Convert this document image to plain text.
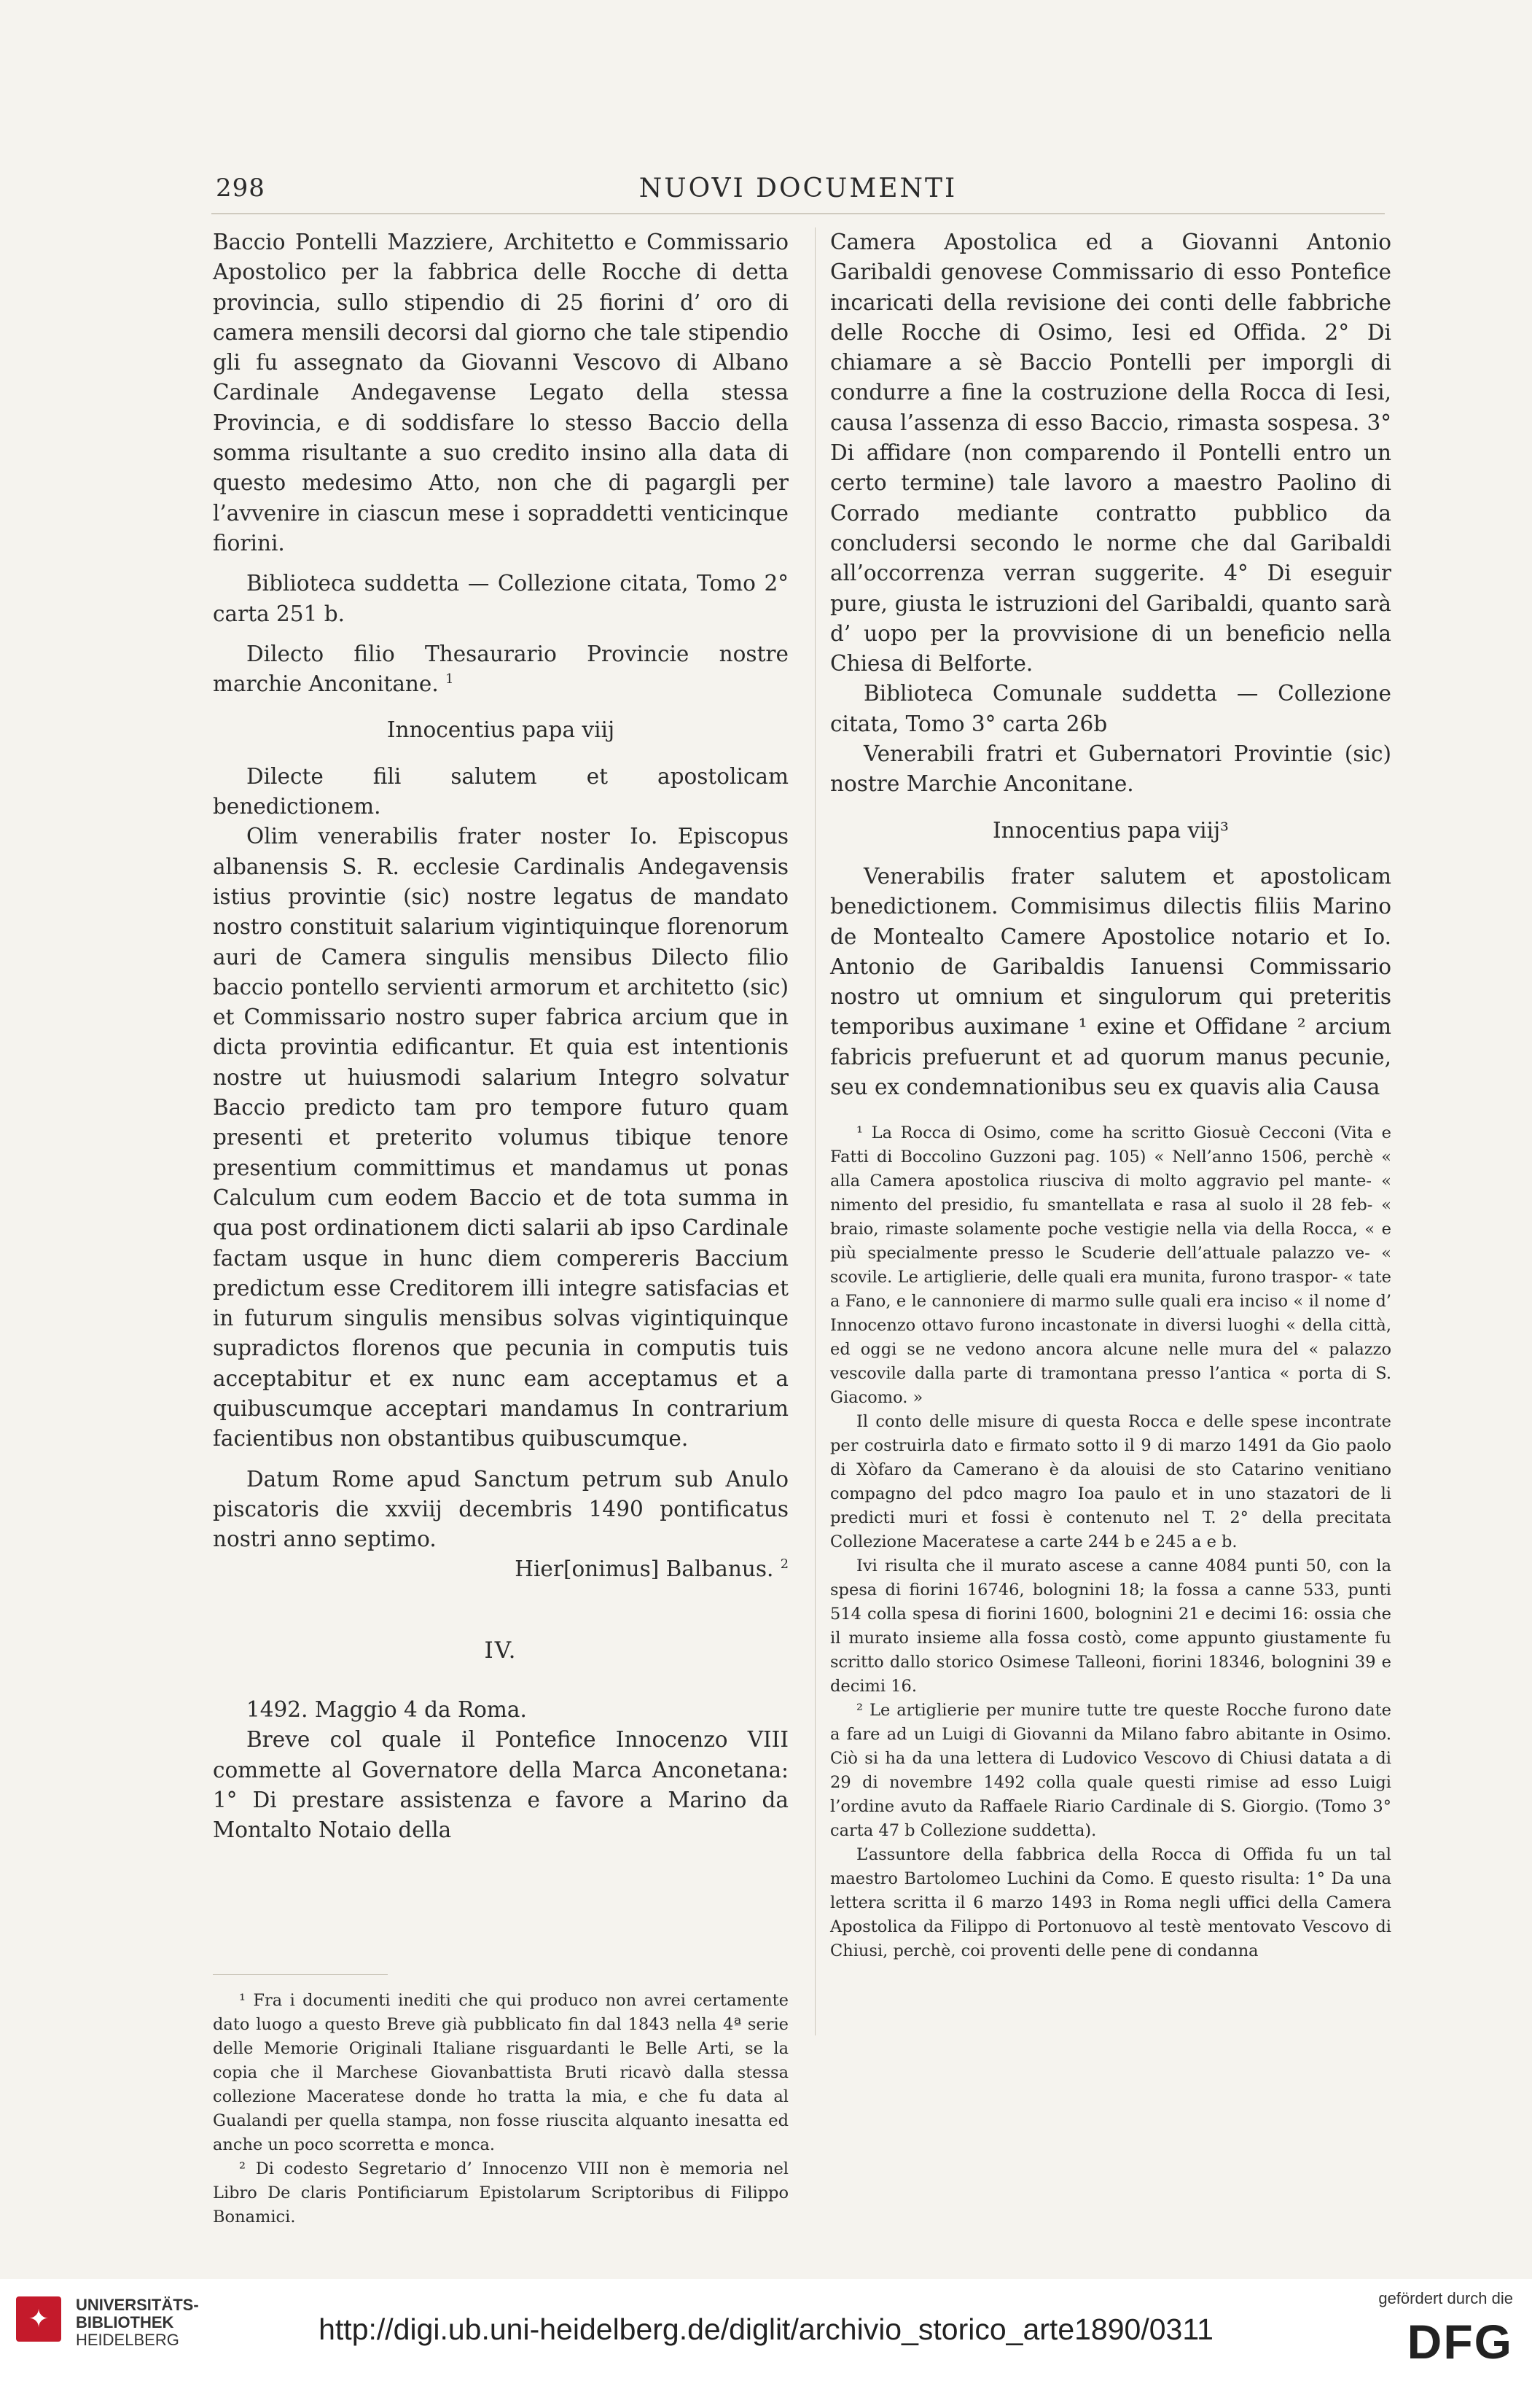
298	NUOVI DOCUMENTI

Baccio Pontelli Mazziere, Architetto e Commissario Apostolico per la fabbrica delle Rocche di detta provincia, sullo stipendio di 25 fiorini d’ oro di camera mensili decorsi dal giorno che tale stipendio gli fu assegnato da Giovanni Vescovo di Albano Cardinale Andegavense Legato della stessa Provincia, e di soddisfare lo stesso Baccio della somma risultante a suo credito insino alla data di questo medesimo Atto, non che di pagargli per l’avvenire in ciascun mese i sopraddetti venticinque fiorini.

Biblioteca suddetta — Collezione citata, Tomo 2° carta 251 b.

Dilecto filio Thesaurario Provincie nostre marchie Anconitane. $^1$

Innocentius papa viij

Dilecte fili salutem et apostolicam benedictionem.

Olim venerabilis frater noster Io. Episcopus albanensis S. R. ecclesie Cardinalis Andegavensis istius provintie (sic) nostre legatus de mandato nostro constituit salarium vigintiquinque florenorum auri de Camera singulis mensibus Dilecto filio baccio pontello servienti armorum et architetto (sic) et Commissario nostro super fabrica arcium que in dicta provintia edificantur. Et quia est intentionis nostre ut huiusmodi salarium Integro solvatur Baccio predicto tam pro tempore futuro quam presenti et preterito volumus tibique tenore presentium committimus et mandamus ut ponas Calculum cum eodem Baccio et de tota summa in qua post ordinationem dicti salarii ab ipso Cardinale factam usque in hunc diem compereris Baccium predictum esse Creditorem illi integre satisfacias et in futurum singulis mensibus solvas vigintiquinque supradictos florenos que pecunia in computis tuis acceptabitur et ex nunc eam acceptamus et a quibuscumque acceptari mandamus In contrarium facientibus non obstantibus quibuscumque.

Datum Rome apud Sanctum petrum sub Anulo piscatoris die xxviij decembris 1490 pontificatus nostri anno septimo.

Hier[onimus] Balbanus. $^2$

IV.

1492. Maggio 4 da Roma.

Breve col quale il Pontefice Innocenzo VIII commette al Governatore della Marca Anconetana: 1° Di prestare assistenza e favore a Marino da Montalto Notaio della

¹ Fra i documenti inediti che qui produco non avrei certamente dato luogo a questo Breve già pubblicato fin dal 1843 nella 4ª serie delle Memorie Originali Italiane risguardanti le Belle Arti, se la copia che il Marchese Giovanbattista Bruti ricavò dalla stessa collezione Maceratese donde ho tratta la mia, e che fu data al Gualandi per quella stampa, non fosse riuscita alquanto inesatta ed anche un poco scorretta e monca.

² Di codesto Segretario d’ Innocenzo VIII non è memoria nel Libro De claris Pontificiarum Epistolarum Scriptoribus di Filippo Bonamici.

Camera Apostolica ed a Giovanni Antonio Garibaldi genovese Commissario di esso Pontefice incaricati della revisione dei conti delle fabbriche delle Rocche di Osimo, Iesi ed Offida. 2° Di chiamare a sè Baccio Pontelli per imporgli di condurre a fine la costruzione della Rocca di Iesi, causa l’assenza di esso Baccio, rimasta sospesa. 3° Di affidare (non comparendo il Pontelli entro un certo termine) tale lavoro a maestro Paolino di Corrado mediante contratto pubblico da concludersi secondo le norme che dal Garibaldi all’occorrenza verran suggerite. 4° Di eseguir pure, giusta le istruzioni del Garibaldi, quanto sarà d’ uopo per la provvisione di un beneficio nella Chiesa di Belforte.

Biblioteca Comunale suddetta — Collezione citata, Tomo 3° carta 26b

Venerabili fratri et Gubernatori Provintie (sic) nostre Marchie Anconitane.

Innocentius papa viij³

Venerabilis frater salutem et apostolicam benedictionem. Commisimus dilectis filiis Marino de Montealto Camere Apostolice notario et Io. Antonio de Garibaldis Ianuensi Commissario nostro ut omnium et singulorum qui preteritis temporibus auximane ¹ exine et Offidane ² arcium fabricis prefuerunt et ad quorum manus pecunie, seu ex condemnationibus seu ex quavis alia Causa

¹ La Rocca di Osimo, come ha scritto Giosuè Cecconi (Vita e Fatti di Boccolino Guzzoni pag. 105) « Nell’anno 1506, perchè « alla Camera apostolica riusciva di molto aggravio pel mante- « nimento del presidio, fu smantellata e rasa al suolo il 28 feb- « braio, rimaste solamente poche vestigie nella via della Rocca, « e più specialmente presso le Scuderie dell’attuale palazzo ve- « scovile. Le artiglierie, delle quali era munita, furono traspor- « tate a Fano, e le cannoniere di marmo sulle quali era inciso « il nome d’ Innocenzo ottavo furono incastonate in diversi luoghi « della città, ed oggi se ne vedono ancora alcune nelle mura del « palazzo vescovile dalla parte di tramontana presso l’antica « porta di S. Giacomo. »

Il conto delle misure di questa Rocca e delle spese incontrate per costruirla dato e firmato sotto il 9 di marzo 1491 da Gio paolo di Xòfaro da Camerano è da alouisi de sto Catarino venitiano compagno del pdco magro Ioa paulo et in uno stazatori de li predicti muri et fossi è contenuto nel T. 2° della precitata Collezione Maceratese a carte 244 b e 245 a e b.

Ivi risulta che il murato ascese a canne 4084 punti 50, con la spesa di fiorini 16746, bolognini 18; la fossa a canne 533, punti 514 colla spesa di fiorini 1600, bolognini 21 e decimi 16: ossia che il murato insieme alla fossa costò, come appunto giustamente fu scritto dallo storico Osimese Talleoni, fiorini 18346, bolognini 39 e decimi 16.

² Le artiglierie per munire tutte tre queste Rocche furono date a fare ad un Luigi di Giovanni da Milano fabro abitante in Osimo. Ciò si ha da una lettera di Ludovico Vescovo di Chiusi datata a di 29 di novembre 1492 colla quale questi rimise ad esso Luigi l’ordine avuto da Raffaele Riario Cardinale di S. Giorgio. (Tomo 3° carta 47 b Collezione suddetta).

L’assuntore della fabbrica della Rocca di Offida fu un tal maestro Bartolomeo Luchini da Como. E questo risulta: 1° Da una lettera scritta il 6 marzo 1493 in Roma negli uffici della Camera Apostolica da Filippo di Portonuovo al testè mentovato Vescovo di Chiusi, perchè, coi proventi delle pene di condanna

✦	UNIVERSITÄTS-
BIBLIOTHEK
HEIDELBERG	http://digi.ub.uni-heidelberg.de/diglit/archivio_storico_arte1890/0311
gefördert durch die
DFG
